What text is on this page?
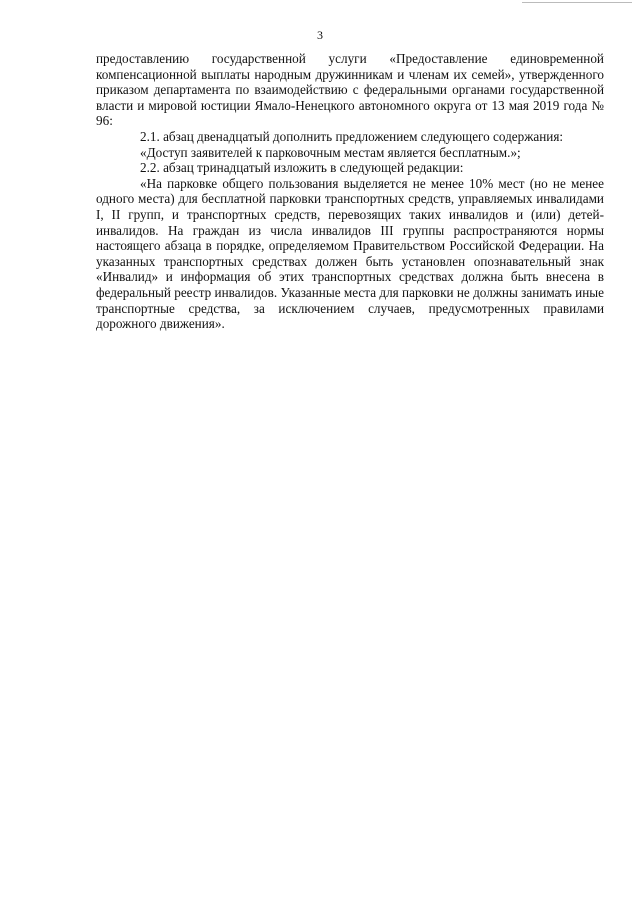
3

предоставлению государственной услуги «Предоставление единовременной компенсационной выплаты народным дружинникам и членам их семей», утвержденного приказом департамента по взаимодействию с федеральными органами государственной власти и мировой юстиции Ямало-Ненецкого автономного округа от 13 мая 2019 года № 96:

2.1. абзац двенадцатый дополнить предложением следующего содержания:

«Доступ заявителей к парковочным местам является бесплатным.»;

2.2. абзац тринадцатый изложить в следующей редакции:

«На парковке общего пользования выделяется не менее 10% мест (но не менее одного места) для бесплатной парковки транспортных средств, управляемых инвалидами I, II групп, и транспортных средств, перевозящих таких инвалидов и (или) детей-инвалидов. На граждан из числа инвалидов III группы распространяются нормы настоящего абзаца в порядке, определяемом Правительством Российской Федерации. На указанных транспортных средствах должен быть установлен опознавательный знак «Инвалид» и информация об этих транспортных средствах должна быть внесена в федеральный реестр инвалидов. Указанные места для парковки не должны занимать иные транспортные средства, за исключением случаев, предусмотренных правилами дорожного движения».
